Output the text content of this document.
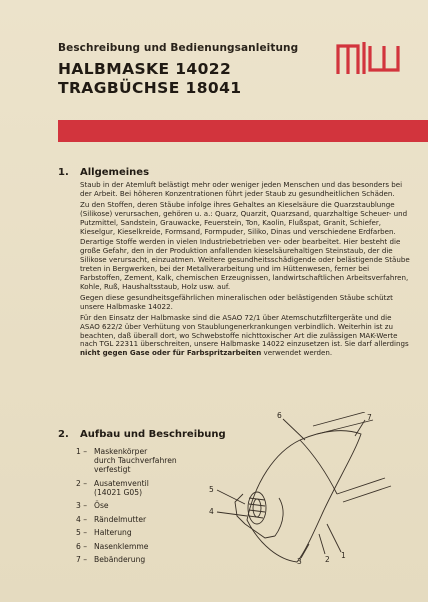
Beschreibung und Bedienungsanleitung
HALBMASKE 14022
TRAGBÜCHSE 18041
1. Allgemeines

Staub in der Atemluft belästigt mehr oder weniger jeden Menschen und das besonders bei der Arbeit. Bei höheren Konzentrationen führt jeder Staub zu gesundheitlichen Schäden.

Zu den Stoffen, deren Stäube infolge ihres Gehaltes an Kieselsäure die Quarzstaublunge (Silikose) verursachen, gehören u. a.: Quarz, Quarzit, Quarzsand, quarzhaltige Scheuer- und Putzmittel, Sandstein, Grauwacke, Feuerstein, Ton, Kaolin, Flußspat, Granit, Schiefer, Kieselgur, Kieselkreide, Formsand, Formpuder, Siliko, Dinas und verschiedene Erdfarben.

Derartige Stoffe werden in vielen Industriebetrieben ver- oder bearbeitet. Hier besteht die große Gefahr, den in der Produktion anfallenden kieselsäurehaltigen Steinstaub, der die Silikose verursacht, einzuatmen. Weitere gesundheitsschädigende oder belästigende Stäube treten in Bergwerken, bei der Metallverarbeitung und im Hüttenwesen, ferner bei Farbstoffen, Zement, Kalk, chemischen Erzeugnissen, landwirtschaftlichen Arbeitsverfahren, Kohle, Ruß, Haushaltsstaub, Holz usw. auf.

Gegen diese gesundheitsgefährlichen mineralischen oder belästigenden Stäube schützt unsere Halbmaske 14022.

Für den Einsatz der Halbmaske sind die ASAO 72/1 über Atemschutzfiltergeräte und die ASAO 622/2 über Verhütung von Staublungenerkrankungen verbindlich. Weiterhin ist zu beachten, daß überall dort, wo Schwebstoffe nichttoxischer Art die zulässigen MAK-Werte nach TGL 22311 überschreiten, unsere Halbmaske 14022 einzusetzen ist. Sie darf allerdings nicht gegen Gase oder für Farbspritzarbeiten verwendet werden.

2. Aufbau und Beschreibung
1 – Maskenkörper
durch Tauchverfahren
verfestigt
2 – Ausatemventil
(14021 G05)
3 – Öse
4 – Rändelmutter
5 – Halterung
6 – Nasenklemme
7 – Bebänderung
6	7
5
4
3	2 1
